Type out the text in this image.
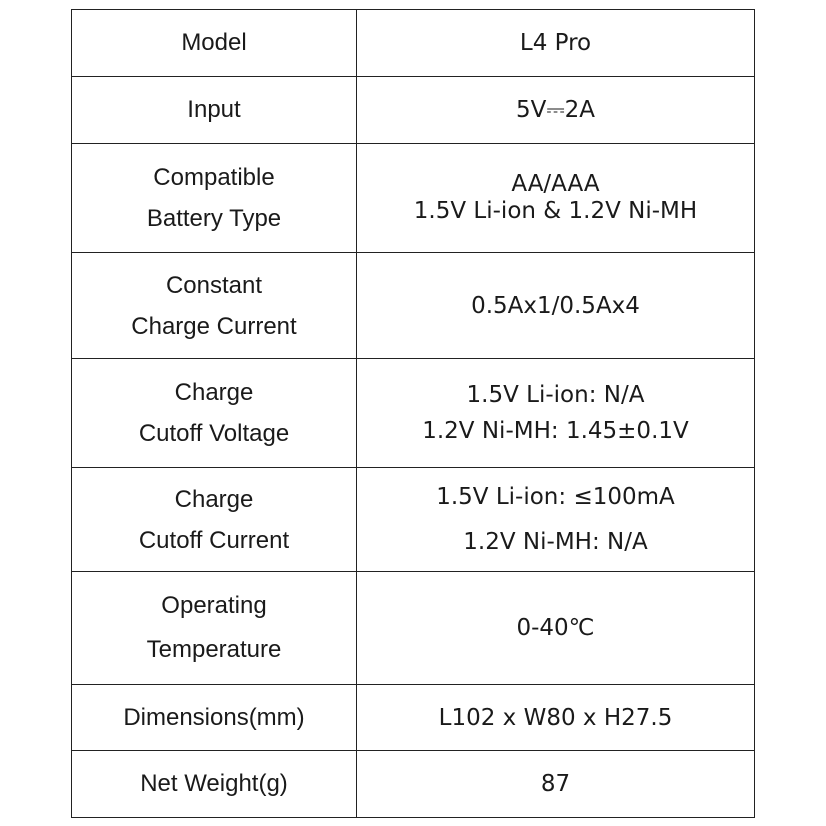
Model	L4 Pro

Input	5V⎓2A

Compatible
Battery Type	AA/AAA
1.5V Li-ion & 1.2V Ni-MH

Constant
Charge Current	0.5Ax1/0.5Ax4

Charge
Cutoff Voltage	1.5V Li-ion: N/A
1.2V Ni-MH: 1.45±0.1V

Charge
Cutoff Current	1.5V Li-ion: ≤100mA
1.2V Ni-MH: N/A

Operating
Temperature	0-40℃

Dimensions(mm)	L102 x W80 x H27.5

Net Weight(g)	87
